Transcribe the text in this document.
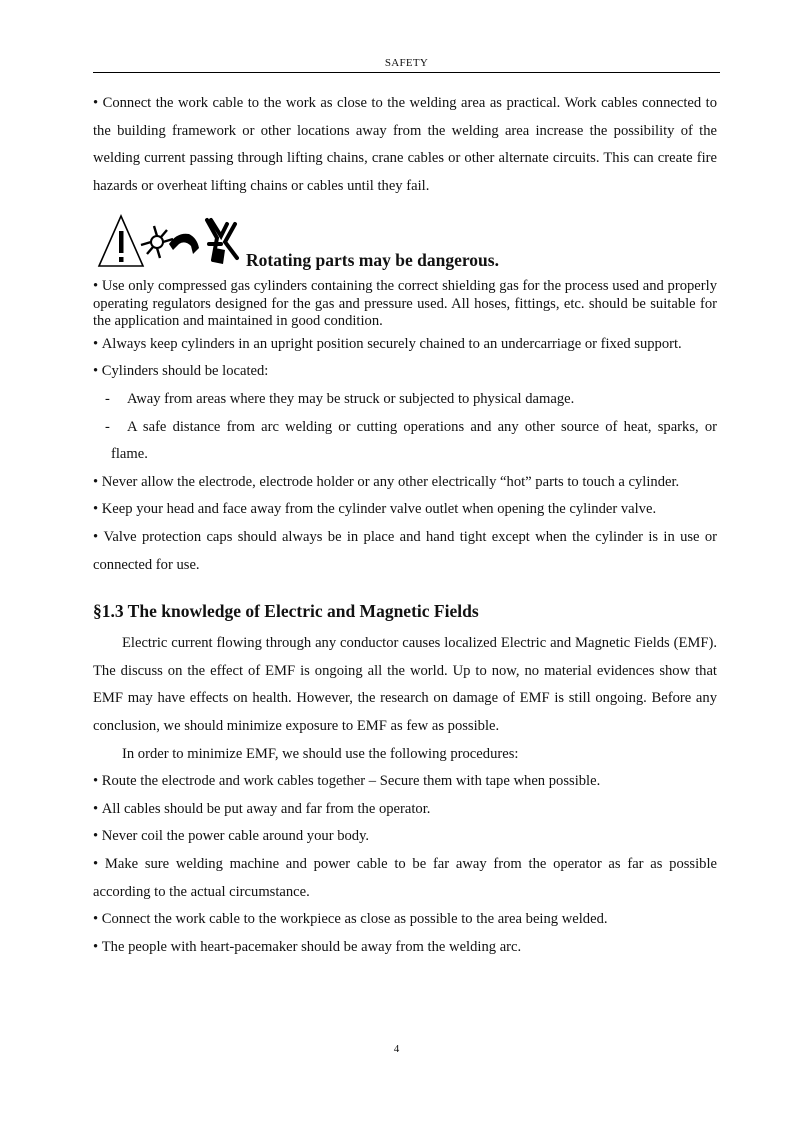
SAFETY

• Connect the work cable to the work as close to the welding area as practical. Work cables connected to the building framework or other locations away from the welding area increase the possibility of the welding current passing through lifting chains, crane cables or other alternate circuits. This can create fire hazards or overheat lifting chains or cables until they fail.

Rotating parts may be dangerous.

• Use only compressed gas cylinders containing the correct shielding gas for the process used and properly operating regulators designed for the gas and pressure used. All hoses, fittings, etc. should be suitable for the application and maintained in good condition.

• Always keep cylinders in an upright position securely chained to an undercarriage or fixed support.

• Cylinders should be located:

- Away from areas where they may be struck or subjected to physical damage.

- A safe distance from arc welding or cutting operations and any other source of heat, sparks, or flame.

• Never allow the electrode, electrode holder or any other electrically “hot” parts to touch a cylinder.

• Keep your head and face away from the cylinder valve outlet when opening the cylinder valve.

• Valve protection caps should always be in place and hand tight except when the cylinder is in use or connected for use.

§1.3 The knowledge of Electric and Magnetic Fields

Electric current flowing through any conductor causes localized Electric and Magnetic Fields (EMF). The discuss on the effect of EMF is ongoing all the world. Up to now, no material evidences show that EMF may have effects on health. However, the research on damage of EMF is still ongoing. Before any conclusion, we should minimize exposure to EMF as few as possible.

In order to minimize EMF, we should use the following procedures:

• Route the electrode and work cables together – Secure them with tape when possible.

• All cables should be put away and far from the operator.

• Never coil the power cable around your body.

• Make sure welding machine and power cable to be far away from the operator as far as possible according to the actual circumstance.

• Connect the work cable to the workpiece as close as possible to the area being welded.

• The people with heart-pacemaker should be away from the welding arc.

4
